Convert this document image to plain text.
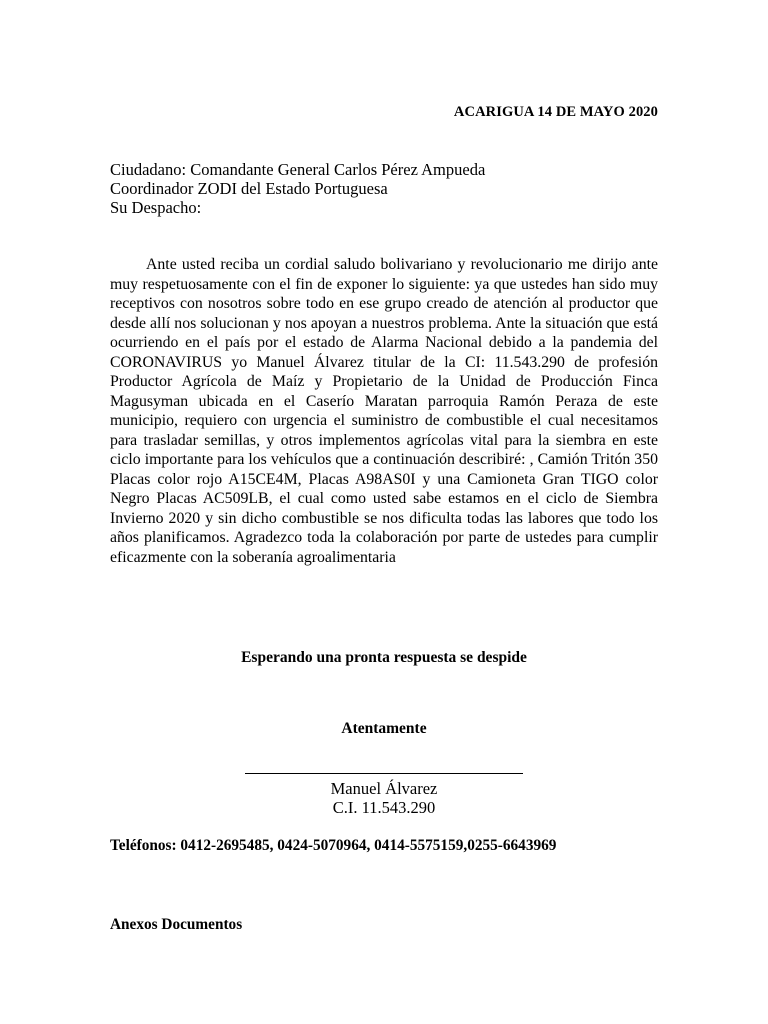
ACARIGUA 14 DE MAYO 2020
Ciudadano: Comandante General Carlos Pérez Ampueda
Coordinador ZODI del Estado Portuguesa
Su Despacho:

Ante usted reciba un cordial saludo bolivariano y revolucionario me dirijo ante muy respetuosamente con el fin de exponer lo siguiente: ya que ustedes han sido muy receptivos con nosotros sobre todo en ese grupo creado de atención al productor que desde allí nos solucionan y nos apoyan a nuestros problema. Ante la situación que está ocurriendo en el país por el estado de Alarma Nacional debido a la pandemia del CORONAVIRUS yo Manuel Álvarez titular de la CI: 11.543.290 de profesión Productor Agrícola de Maíz y Propietario de la Unidad de Producción Finca Magusyman ubicada en el Caserío Maratan parroquia Ramón Peraza de este municipio, requiero con urgencia el suministro de combustible el cual necesitamos para trasladar semillas, y otros implementos agrícolas vital para la siembra en este ciclo importante para los vehículos que a continuación describiré: , Camión Tritón 350 Placas color rojo A15CE4M, Placas A98AS0I y una Camioneta Gran TIGO color Negro Placas AC509LB, el cual como usted sabe estamos en el ciclo de Siembra Invierno 2020 y sin dicho combustible se nos dificulta todas las labores que todo los años planificamos. Agradezco toda la colaboración por parte de ustedes para cumplir eficazmente con la soberanía agroalimentaria

Esperando una pronta respuesta se despide
Atentamente
Manuel Álvarez
C.I. 11.543.290
Teléfonos: 0412-2695485, 0424-5070964, 0414-5575159,0255-6643969
Anexos Documentos
